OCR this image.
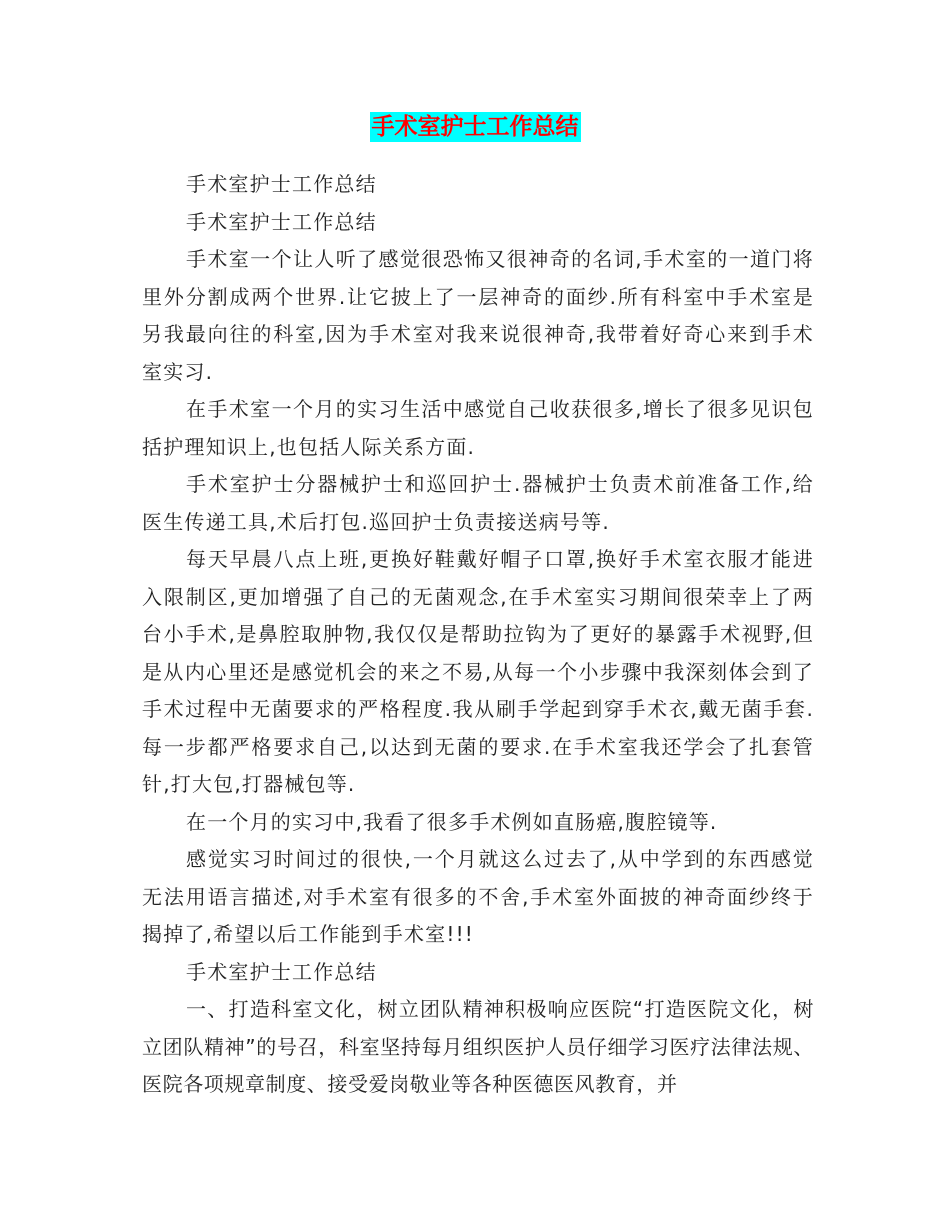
手术室护士工作总结

手术室护士工作总结

手术室护士工作总结

手术室一个让人听了感觉很恐怖又很神奇的名词,手术室的一道门将里外分割成两个世界.让它披上了一层神奇的面纱.所有科室中手术室是另我最向往的科室,因为手术室对我来说很神奇,我带着好奇心来到手术室实习.

在手术室一个月的实习生活中感觉自己收获很多,增长了很多见识包括护理知识上,也包括人际关系方面.

手术室护士分器械护士和巡回护士.器械护士负责术前准备工作,给医生传递工具,术后打包.巡回护士负责接送病号等.

每天早晨八点上班,更换好鞋戴好帽子口罩,换好手术室衣服才能进入限制区,更加增强了自己的无菌观念,在手术室实习期间很荣幸上了两台小手术,是鼻腔取肿物,我仅仅是帮助拉钩为了更好的暴露手术视野,但是从内心里还是感觉机会的来之不易,从每一个小步骤中我深刻体会到了手术过程中无菌要求的严格程度.我从刷手学起到穿手术衣,戴无菌手套.每一步都严格要求自己,以达到无菌的要求.在手术室我还学会了扎套管针,打大包,打器械包等.

在一个月的实习中,我看了很多手术例如直肠癌,腹腔镜等.

感觉实习时间过的很快,一个月就这么过去了,从中学到的东西感觉无法用语言描述,对手术室有很多的不舍,手术室外面披的神奇面纱终于揭掉了,希望以后工作能到手术室!!!

手术室护士工作总结

一、打造科室文化，树立团队精神积极响应医院“打造医院文化，树立团队精神”的号召，科室坚持每月组织医护人员仔细学习医疗法律法规、医院各项规章制度、接受爱岗敬业等各种医德医风教育，并
